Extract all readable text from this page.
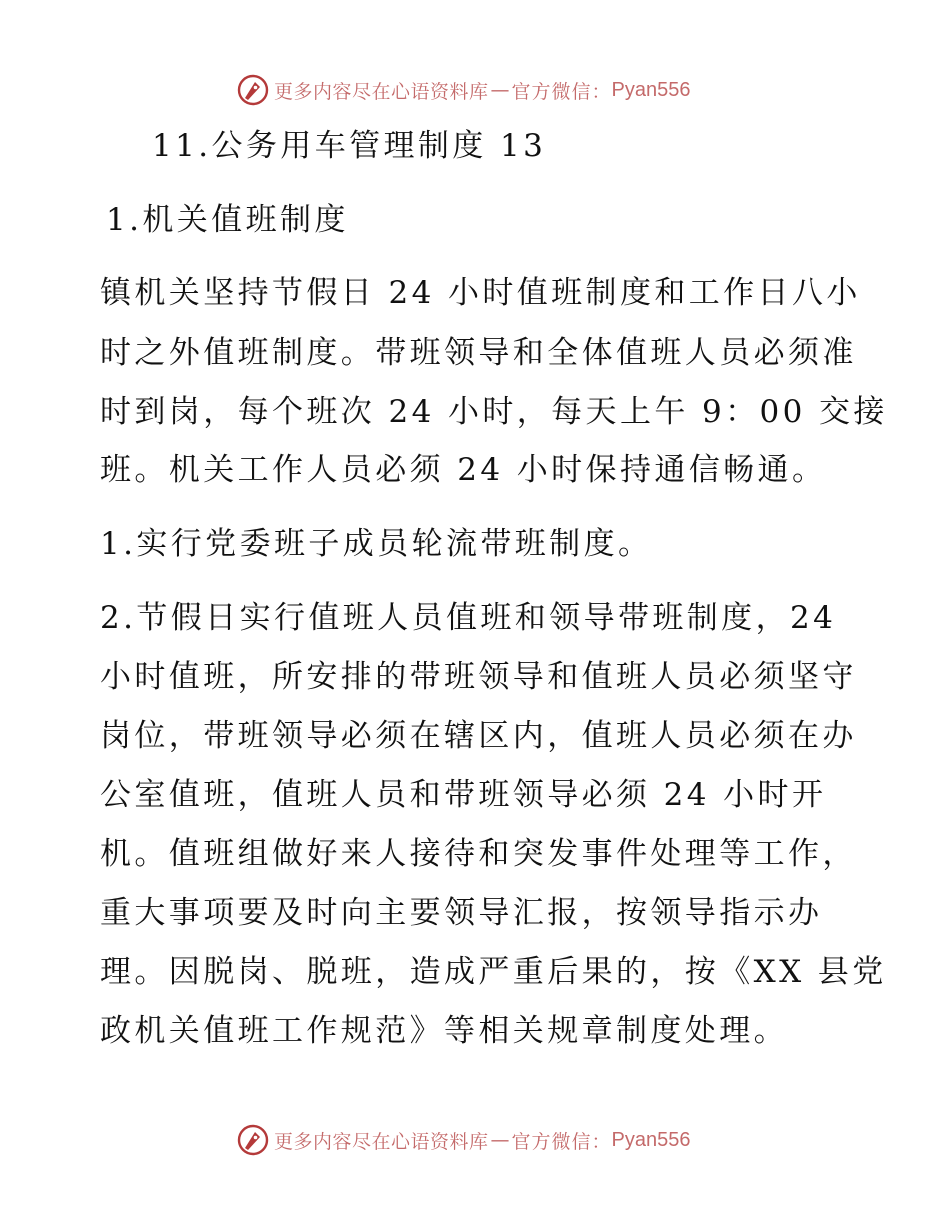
更多内容尽在心语资料库 — 官方微信： Pyan556
11.公务用车管理制度 13
1.机关值班制度
镇机关坚持节假日 24 小时值班制度和工作日八小
时之外值班制度。带班领导和全体值班人员必须准
时到岗，每个班次 24 小时，每天上午 9：00 交接
班。机关工作人员必须 24 小时保持通信畅通。
1.实行党委班子成员轮流带班制度。
2.节假日实行值班人员值班和领导带班制度，24
小时值班，所安排的带班领导和值班人员必须坚守
岗位，带班领导必须在辖区内，值班人员必须在办
公室值班，值班人员和带班领导必须 24 小时开
机。值班组做好来人接待和突发事件处理等工作，
重大事项要及时向主要领导汇报，按领导指示办
理。因脱岗、脱班，造成严重后果的，按《XX 县党
政机关值班工作规范》等相关规章制度处理。
更多内容尽在心语资料库 — 官方微信： Pyan556
